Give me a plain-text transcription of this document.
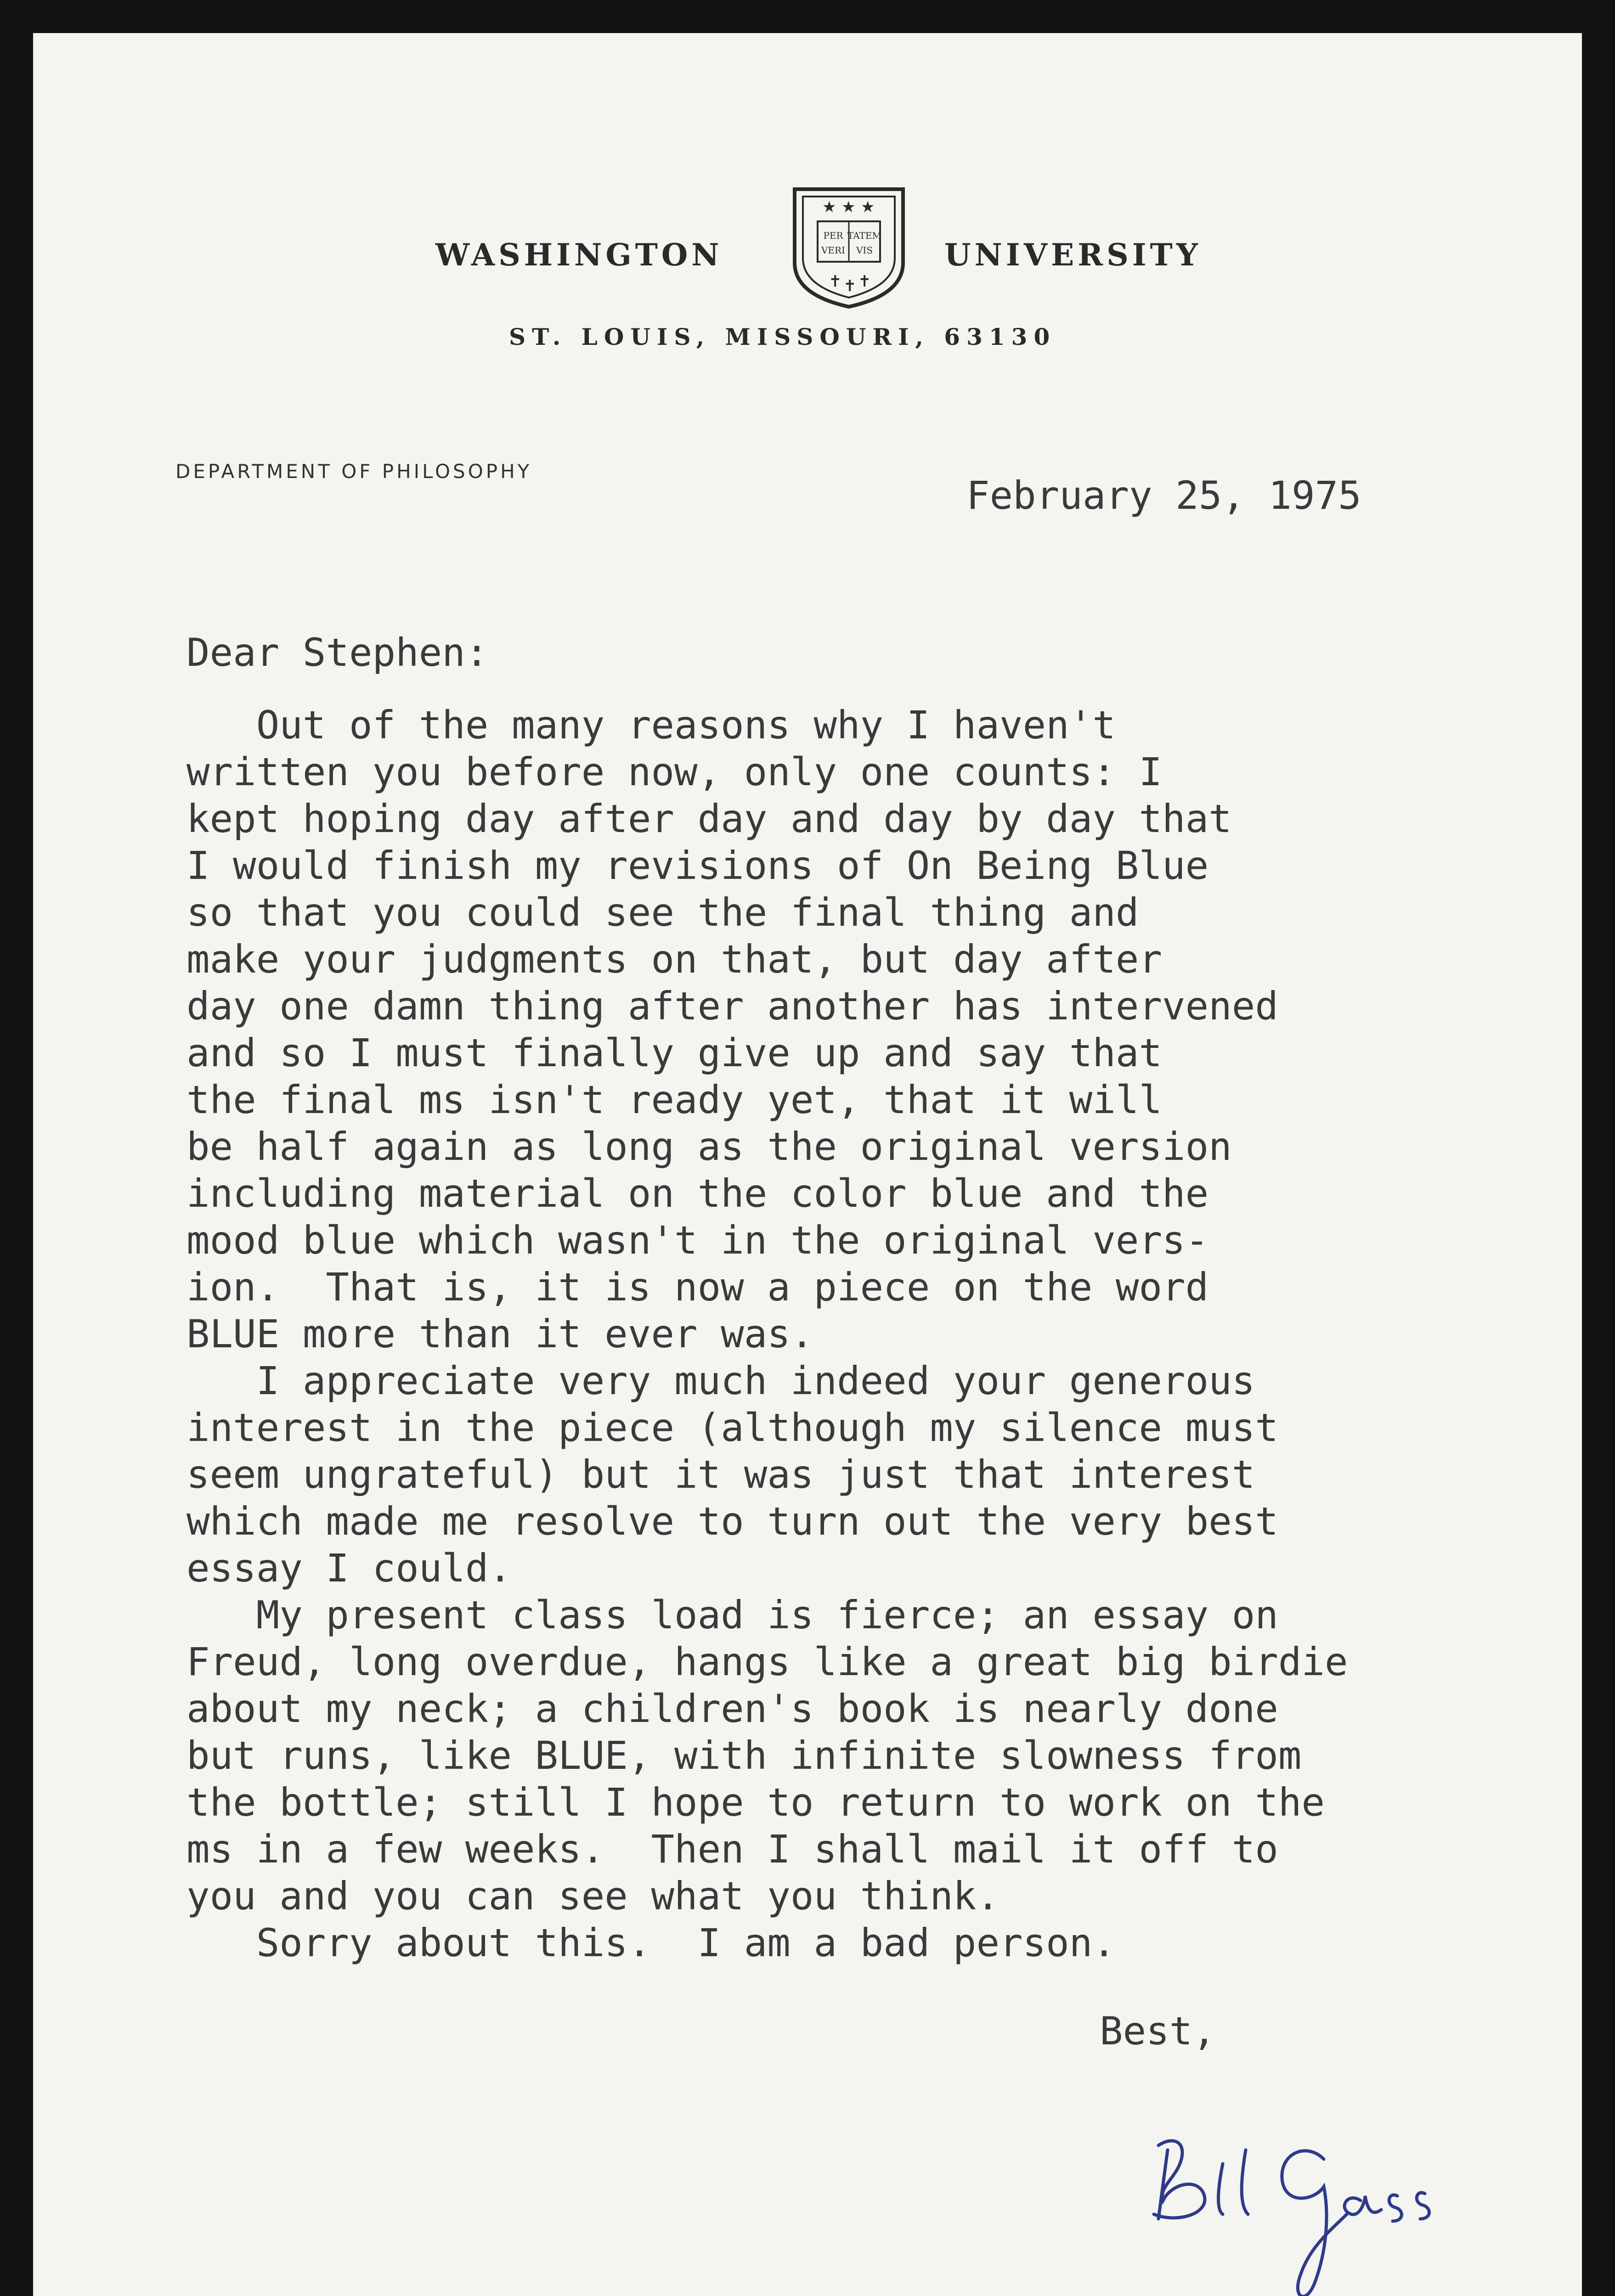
WASHINGTON
★ ★ ★
PER
VERI
TATEM
VIS
✝ ✝ ✝
UNIVERSITY
ST. LOUIS, MISSOURI, 63130
DEPARTMENT OF PHILOSOPHY
February 25, 1975
Dear Stephen:
Out of the many reasons why I haven't
written you before now, only one counts: I
kept hoping day after day and day by day that
I would finish my revisions of On Being Blue
so that you could see the final thing and
make your judgments on that, but day after
day one damn thing after another has intervened
and so I must finally give up and say that
the final ms isn't ready yet, that it will
be half again as long as the original version
including material on the color blue and the
mood blue which wasn't in the original vers-
ion.  That is, it is now a piece on the word
BLUE more than it ever was.
I appreciate very much indeed your generous
interest in the piece (although my silence must
seem ungrateful) but it was just that interest
which made me resolve to turn out the very best
essay I could.
My present class load is fierce; an essay on
Freud, long overdue, hangs like a great big birdie
about my neck; a children's book is nearly done
but runs, like BLUE, with infinite slowness from
the bottle; still I hope to return to work on the
ms in a few weeks.  Then I shall mail it off to
you and you can see what you think.
Sorry about this.  I am a bad person.
Best,
